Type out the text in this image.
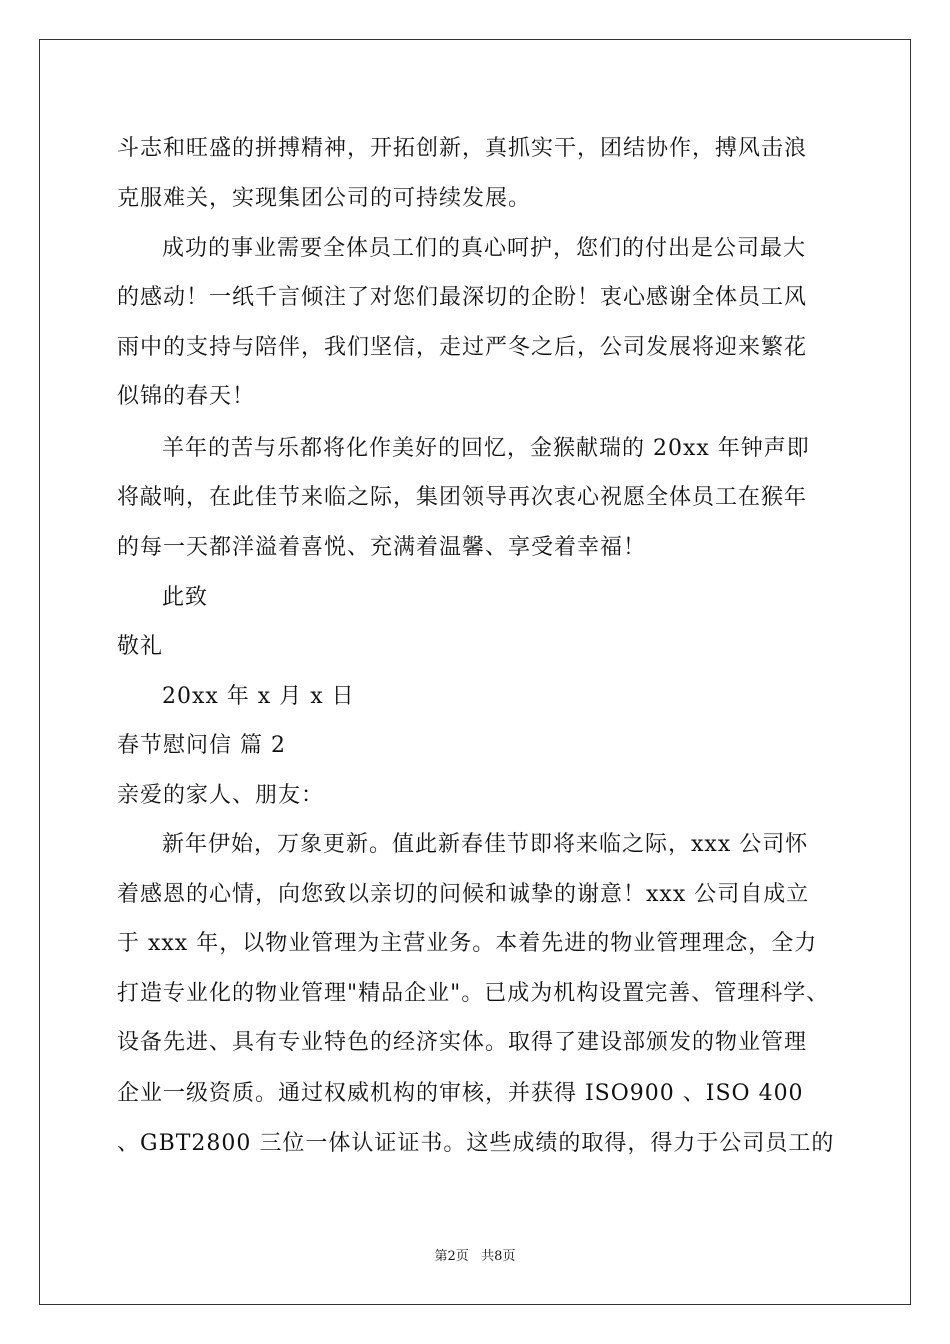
斗志和旺盛的拼搏精神，开拓创新，真抓实干，团结协作，搏风击浪
克服难关，实现集团公司的可持续发展。
成功的事业需要全体员工们的真心呵护，您们的付出是公司最大
的感动！一纸千言倾注了对您们最深切的企盼！衷心感谢全体员工风
雨中的支持与陪伴，我们坚信，走过严冬之后，公司发展将迎来繁花
似锦的春天！
羊年的苦与乐都将化作美好的回忆，金猴献瑞的 20xx 年钟声即
将敲响，在此佳节来临之际，集团领导再次衷心祝愿全体员工在猴年
的每一天都洋溢着喜悦、充满着温馨、享受着幸福！
此致
敬礼
20xx 年 x 月 x 日
春节慰问信 篇 2
亲爱的家人、朋友：
新年伊始，万象更新。值此新春佳节即将来临之际，xxx 公司怀
着感恩的心情，向您致以亲切的问候和诚挚的谢意！xxx 公司自成立
于 xxx 年，以物业管理为主营业务。本着先进的物业管理理念，全力
打造专业化的物业管理"精品企业"。已成为机构设置完善、管理科学、
设备先进、具有专业特色的经济实体。取得了建设部颁发的物业管理
企业一级资质。通过权威机构的审核，并获得 ISO900 、ISO 400
、GBT2800 三位一体认证证书。这些成绩的取得，得力于公司员工的
第2页   共8页
